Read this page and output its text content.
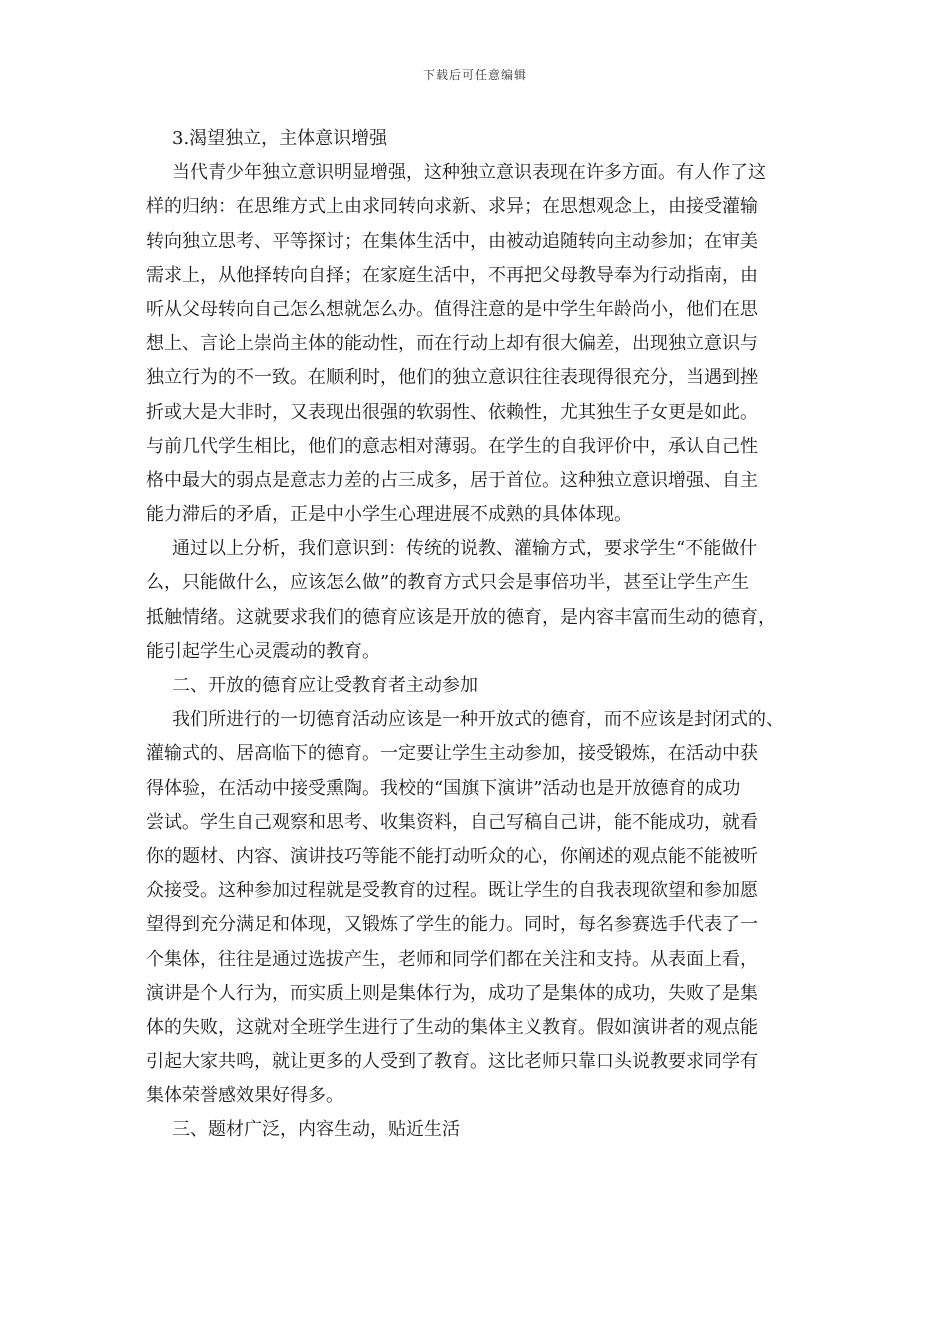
下载后可任意编辑
3.渴望独立，主体意识增强
当代青少年独立意识明显增强，这种独立意识表现在许多方面。有人作了这
样的归纳：在思维方式上由求同转向求新、求异；在思想观念上，由接受灌输
转向独立思考、平等探讨；在集体生活中，由被动追随转向主动参加；在审美
需求上，从他择转向自择；在家庭生活中，不再把父母教导奉为行动指南，由
听从父母转向自己怎么想就怎么办。值得注意的是中学生年龄尚小，他们在思
想上、言论上崇尚主体的能动性，而在行动上却有很大偏差，出现独立意识与
独立行为的不一致。在顺利时，他们的独立意识往往表现得很充分，当遇到挫
折或大是大非时，又表现出很强的软弱性、依赖性，尤其独生子女更是如此。
与前几代学生相比，他们的意志相对薄弱。在学生的自我评价中，承认自己性
格中最大的弱点是意志力差的占三成多，居于首位。这种独立意识增强、自主
能力滞后的矛盾，正是中小学生心理进展不成熟的具体体现。
通过以上分析，我们意识到：传统的说教、灌输方式，要求学生“不能做什
么，只能做什么，应该怎么做”的教育方式只会是事倍功半，甚至让学生产生
抵触情绪。这就要求我们的德育应该是开放的德育，是内容丰富而生动的德育，
能引起学生心灵震动的教育。
二、开放的德育应让受教育者主动参加
我们所进行的一切德育活动应该是一种开放式的德育，而不应该是封闭式的、
灌输式的、居高临下的德育。一定要让学生主动参加，接受锻炼，在活动中获
得体验，在活动中接受熏陶。我校的“国旗下演讲”活动也是开放德育的成功
尝试。学生自己观察和思考、收集资料，自己写稿自己讲，能不能成功，就看
你的题材、内容、演讲技巧等能不能打动听众的心，你阐述的观点能不能被听
众接受。这种参加过程就是受教育的过程。既让学生的自我表现欲望和参加愿
望得到充分满足和体现，又锻炼了学生的能力。同时，每名参赛选手代表了一
个集体，往往是通过选拔产生，老师和同学们都在关注和支持。从表面上看，
演讲是个人行为，而实质上则是集体行为，成功了是集体的成功，失败了是集
体的失败，这就对全班学生进行了生动的集体主义教育。假如演讲者的观点能
引起大家共鸣，就让更多的人受到了教育。这比老师只靠口头说教要求同学有
集体荣誉感效果好得多。
三、题材广泛，内容生动，贴近生活
